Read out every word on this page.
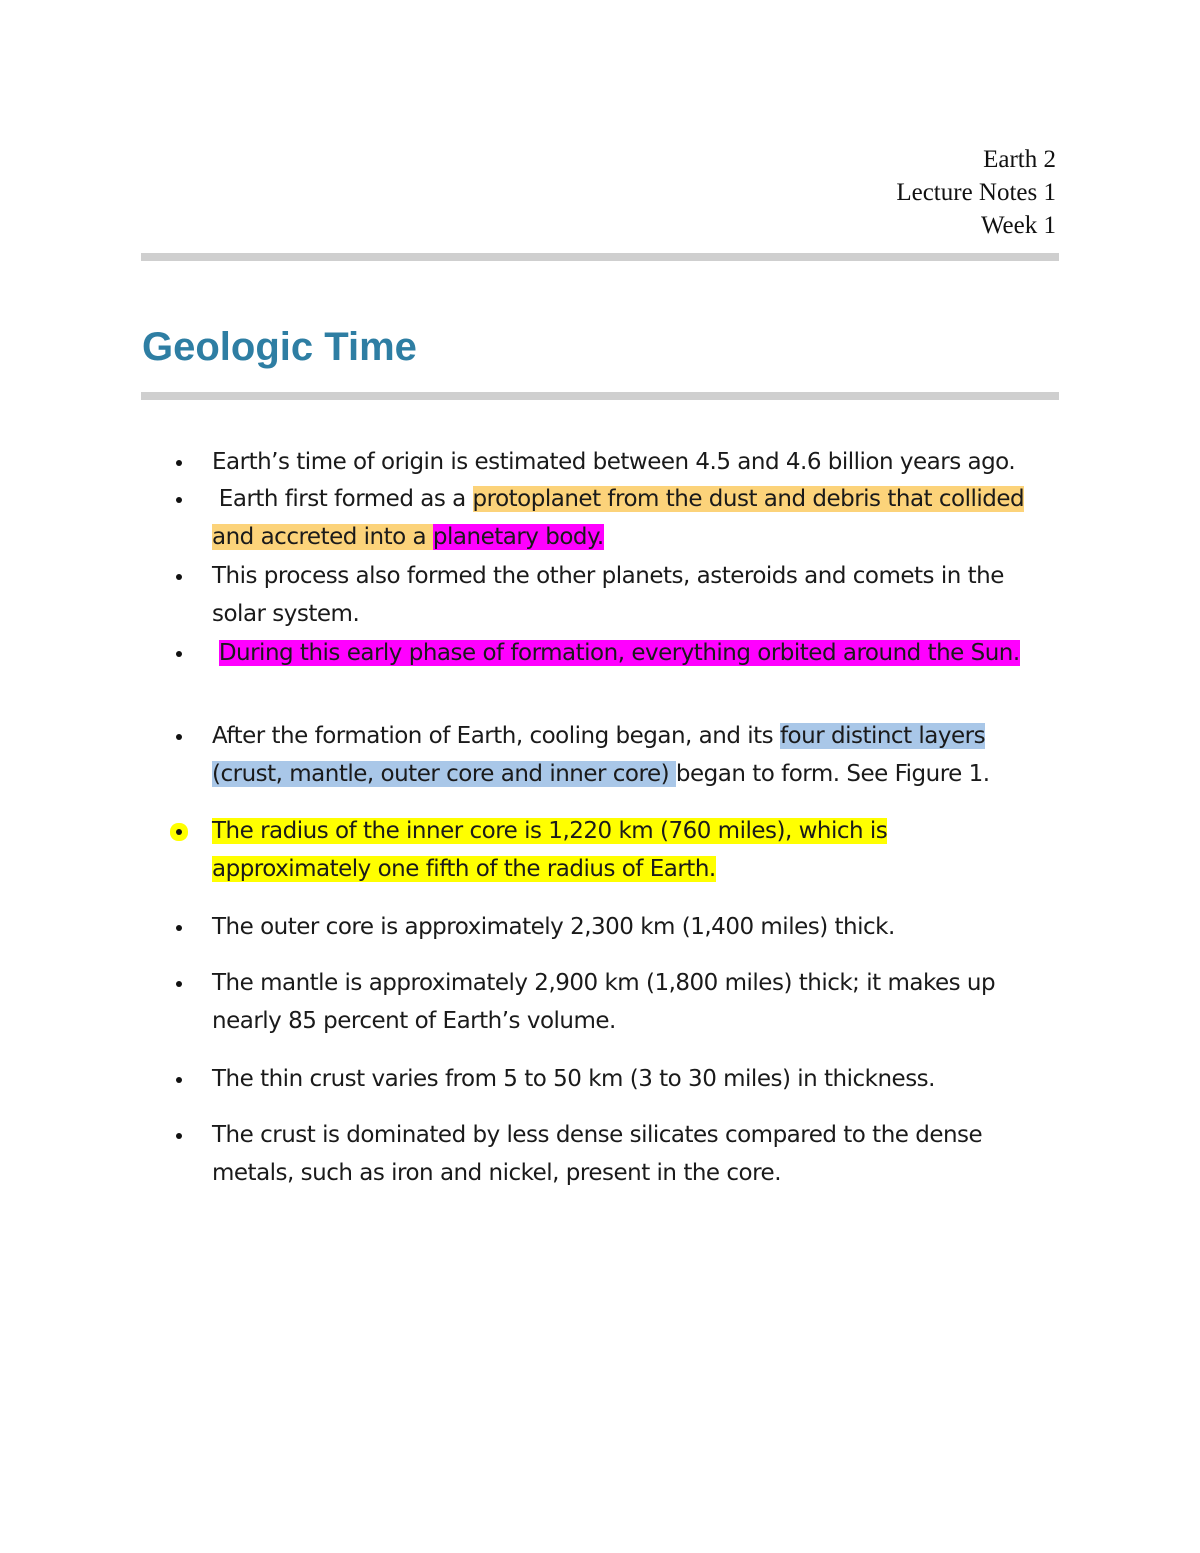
Earth 2
Lecture Notes 1
Week 1
Geologic Time
Earth’s time of origin is estimated between 4.5 and 4.6 billion years ago.
Earth first formed as a protoplanet from the dust and debris that collided
and accreted into a planetary body.
This process also formed the other planets, asteroids and comets in the
solar system.
During this early phase of formation, everything orbited around the Sun.
After the formation of Earth, cooling began, and its four distinct layers
(crust, mantle, outer core and inner core) began to form. See Figure 1.
The radius of the inner core is 1,220 km (760 miles), which is
approximately one fifth of the radius of Earth.
The outer core is approximately 2,300 km (1,400 miles) thick.
The mantle is approximately 2,900 km (1,800 miles) thick; it makes up
nearly 85 percent of Earth’s volume.
The thin crust varies from 5 to 50 km (3 to 30 miles) in thickness.
The crust is dominated by less dense silicates compared to the dense
metals, such as iron and nickel, present in the core.
